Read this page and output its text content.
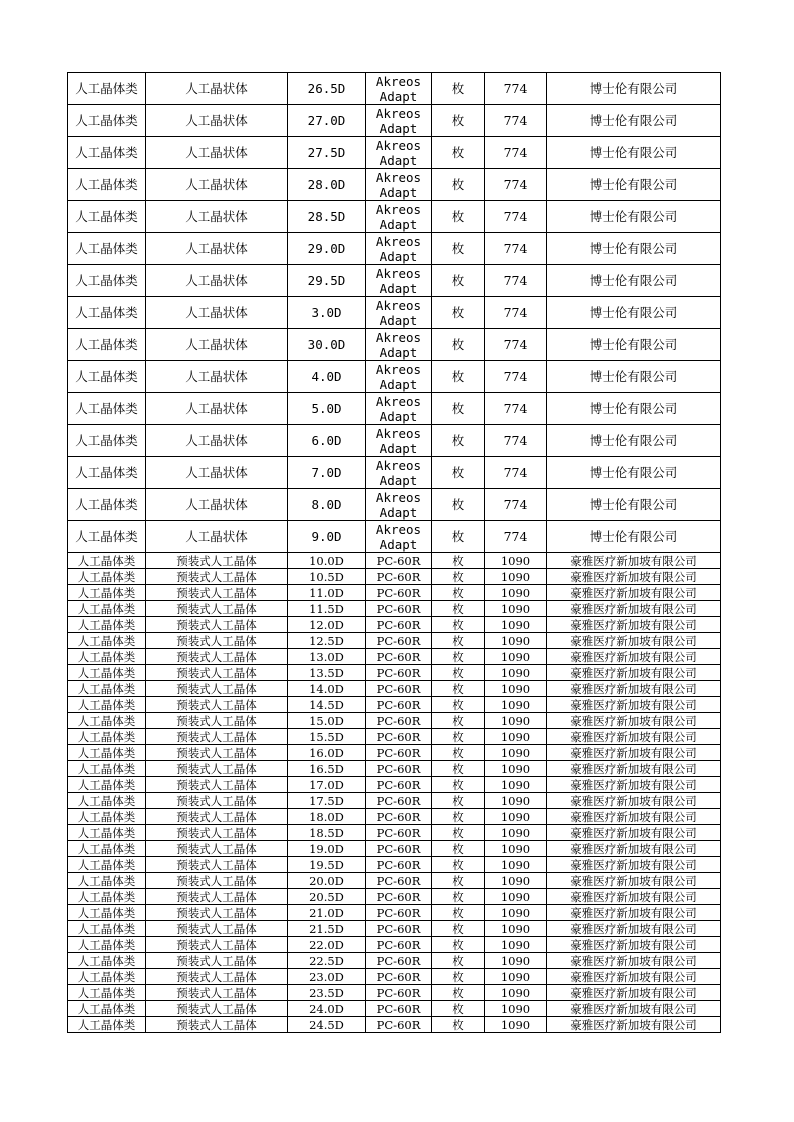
人工晶体类	人工晶状体	26.5D	Akreos
Adapt	枚	774	博士伦有限公司
人工晶体类	人工晶状体	27.0D	Akreos
Adapt	枚	774	博士伦有限公司
人工晶体类	人工晶状体	27.5D	Akreos
Adapt	枚	774	博士伦有限公司
人工晶体类	人工晶状体	28.0D	Akreos
Adapt	枚	774	博士伦有限公司
人工晶体类	人工晶状体	28.5D	Akreos
Adapt	枚	774	博士伦有限公司
人工晶体类	人工晶状体	29.0D	Akreos
Adapt	枚	774	博士伦有限公司
人工晶体类	人工晶状体	29.5D	Akreos
Adapt	枚	774	博士伦有限公司
人工晶体类	人工晶状体	3.0D	Akreos
Adapt	枚	774	博士伦有限公司
人工晶体类	人工晶状体	30.0D	Akreos
Adapt	枚	774	博士伦有限公司
人工晶体类	人工晶状体	4.0D	Akreos
Adapt	枚	774	博士伦有限公司
人工晶体类	人工晶状体	5.0D	Akreos
Adapt	枚	774	博士伦有限公司
人工晶体类	人工晶状体	6.0D	Akreos
Adapt	枚	774	博士伦有限公司
人工晶体类	人工晶状体	7.0D	Akreos
Adapt	枚	774	博士伦有限公司
人工晶体类	人工晶状体	8.0D	Akreos
Adapt	枚	774	博士伦有限公司
人工晶体类	人工晶状体	9.0D	Akreos
Adapt	枚	774	博士伦有限公司
人工晶体类	预装式人工晶体	10.0D	PC-60R	枚	1090	豪雅医疗新加坡有限公司
人工晶体类	预装式人工晶体	10.5D	PC-60R	枚	1090	豪雅医疗新加坡有限公司
人工晶体类	预装式人工晶体	11.0D	PC-60R	枚	1090	豪雅医疗新加坡有限公司
人工晶体类	预装式人工晶体	11.5D	PC-60R	枚	1090	豪雅医疗新加坡有限公司
人工晶体类	预装式人工晶体	12.0D	PC-60R	枚	1090	豪雅医疗新加坡有限公司
人工晶体类	预装式人工晶体	12.5D	PC-60R	枚	1090	豪雅医疗新加坡有限公司
人工晶体类	预装式人工晶体	13.0D	PC-60R	枚	1090	豪雅医疗新加坡有限公司
人工晶体类	预装式人工晶体	13.5D	PC-60R	枚	1090	豪雅医疗新加坡有限公司
人工晶体类	预装式人工晶体	14.0D	PC-60R	枚	1090	豪雅医疗新加坡有限公司
人工晶体类	预装式人工晶体	14.5D	PC-60R	枚	1090	豪雅医疗新加坡有限公司
人工晶体类	预装式人工晶体	15.0D	PC-60R	枚	1090	豪雅医疗新加坡有限公司
人工晶体类	预装式人工晶体	15.5D	PC-60R	枚	1090	豪雅医疗新加坡有限公司
人工晶体类	预装式人工晶体	16.0D	PC-60R	枚	1090	豪雅医疗新加坡有限公司
人工晶体类	预装式人工晶体	16.5D	PC-60R	枚	1090	豪雅医疗新加坡有限公司
人工晶体类	预装式人工晶体	17.0D	PC-60R	枚	1090	豪雅医疗新加坡有限公司
人工晶体类	预装式人工晶体	17.5D	PC-60R	枚	1090	豪雅医疗新加坡有限公司
人工晶体类	预装式人工晶体	18.0D	PC-60R	枚	1090	豪雅医疗新加坡有限公司
人工晶体类	预装式人工晶体	18.5D	PC-60R	枚	1090	豪雅医疗新加坡有限公司
人工晶体类	预装式人工晶体	19.0D	PC-60R	枚	1090	豪雅医疗新加坡有限公司
人工晶体类	预装式人工晶体	19.5D	PC-60R	枚	1090	豪雅医疗新加坡有限公司
人工晶体类	预装式人工晶体	20.0D	PC-60R	枚	1090	豪雅医疗新加坡有限公司
人工晶体类	预装式人工晶体	20.5D	PC-60R	枚	1090	豪雅医疗新加坡有限公司
人工晶体类	预装式人工晶体	21.0D	PC-60R	枚	1090	豪雅医疗新加坡有限公司
人工晶体类	预装式人工晶体	21.5D	PC-60R	枚	1090	豪雅医疗新加坡有限公司
人工晶体类	预装式人工晶体	22.0D	PC-60R	枚	1090	豪雅医疗新加坡有限公司
人工晶体类	预装式人工晶体	22.5D	PC-60R	枚	1090	豪雅医疗新加坡有限公司
人工晶体类	预装式人工晶体	23.0D	PC-60R	枚	1090	豪雅医疗新加坡有限公司
人工晶体类	预装式人工晶体	23.5D	PC-60R	枚	1090	豪雅医疗新加坡有限公司
人工晶体类	预装式人工晶体	24.0D	PC-60R	枚	1090	豪雅医疗新加坡有限公司
人工晶体类	预装式人工晶体	24.5D	PC-60R	枚	1090	豪雅医疗新加坡有限公司
